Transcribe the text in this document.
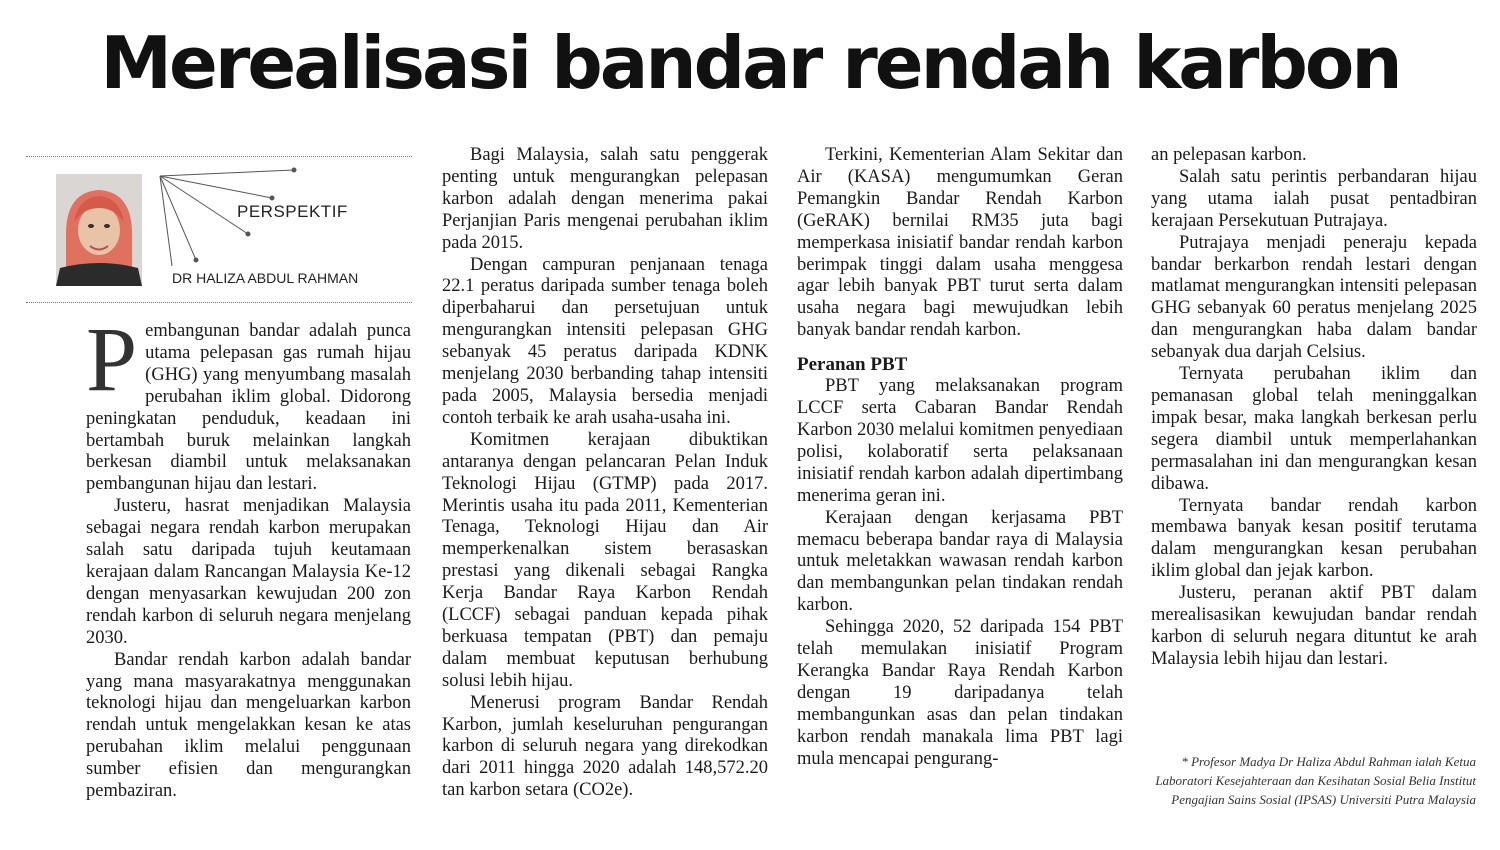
Merealisasi bandar rendah karbon
PERSPEKTIF
DR HALIZA ABDUL RAHMAN

Pembangunan bandar adalah punca utama pelepasan gas rumah hijau (GHG) yang menyumbang masalah perubahan iklim global. Didorong peningkatan penduduk, keadaan ini bertambah buruk melainkan langkah berkesan diambil untuk melaksanakan pembangunan hijau dan lestari.

Justeru, hasrat menjadikan Malaysia sebagai negara rendah karbon merupakan salah satu daripada tujuh keutamaan kerajaan dalam Rancangan Malaysia Ke-12 dengan menyasarkan kewujudan 200 zon rendah karbon di seluruh negara menjelang 2030.

Bandar rendah karbon adalah bandar yang mana masyarakatnya menggunakan teknologi hijau dan mengeluarkan karbon rendah untuk mengelakkan kesan ke atas perubahan iklim melalui penggunaan sumber efisien dan mengurangkan pembaziran.

Bagi Malaysia, salah satu penggerak penting untuk mengurangkan pelepasan karbon adalah dengan menerima pakai Perjanjian Paris mengenai perubahan iklim pada 2015.

Dengan campuran penjanaan tenaga 22.1 peratus daripada sumber tenaga boleh diperbaharui dan persetujuan untuk mengurangkan intensiti pelepasan GHG sebanyak 45 peratus daripada KDNK menjelang 2030 berbanding tahap intensiti pada 2005, Malaysia bersedia menjadi contoh terbaik ke arah usaha-usaha ini.

Komitmen kerajaan dibuktikan antaranya dengan pelancaran Pelan Induk Teknologi Hijau (GTMP) pada 2017. Merintis usaha itu pada 2011, Kementerian Tenaga, Teknologi Hijau dan Air memperkenalkan sistem berasaskan prestasi yang dikenali sebagai Rangka Kerja Bandar Raya Karbon Rendah (LCCF) sebagai panduan kepada pihak berkuasa tempatan (PBT) dan pemaju dalam membuat keputusan berhubung solusi lebih hijau.

Menerusi program Bandar Rendah Karbon, jumlah keseluruhan pengurangan karbon di seluruh negara yang direkodkan dari 2011 hingga 2020 adalah 148,572.20 tan karbon setara (CO2e).

Terkini, Kementerian Alam Sekitar dan Air (KASA) mengumumkan Geran Pemangkin Bandar Rendah Karbon (GeRAK) bernilai RM35 juta bagi memperkasa inisiatif bandar rendah karbon berimpak tinggi dalam usaha menggesa agar lebih banyak PBT turut serta dalam usaha negara bagi mewujudkan lebih banyak bandar rendah karbon.

Peranan PBT

PBT yang melaksanakan program LCCF serta Cabaran Bandar Rendah Karbon 2030 melalui komitmen penyediaan polisi, kolaboratif serta pelaksanaan inisiatif rendah karbon adalah dipertimbang menerima geran ini.

Kerajaan dengan kerjasama PBT memacu beberapa bandar raya di Malaysia untuk meletakkan wawasan rendah karbon dan membangunkan pelan tindakan rendah karbon.

Sehingga 2020, 52 daripada 154 PBT telah memulakan inisiatif Program Kerangka Bandar Raya Rendah Karbon dengan 19 daripadanya telah membangunkan asas dan pelan tindakan karbon rendah manakala lima PBT lagi mula mencapai pengurang-

an pelepasan karbon.

Salah satu perintis perbandaran hijau yang utama ialah pusat pentadbiran kerajaan Persekutuan Putrajaya.

Putrajaya menjadi peneraju kepada bandar berkarbon rendah lestari dengan matlamat mengurangkan intensiti pelepasan GHG sebanyak 60 peratus menjelang 2025 dan mengurangkan haba dalam bandar sebanyak dua darjah Celsius.

Ternyata perubahan iklim dan pemanasan global telah meninggalkan impak besar, maka langkah berkesan perlu segera diambil untuk memperlahankan permasalahan ini dan mengurangkan kesan dibawa.

Ternyata bandar rendah karbon membawa banyak kesan positif terutama dalam mengurangkan kesan perubahan iklim global dan jejak karbon.

Justeru, peranan aktif PBT dalam merealisasikan kewujudan bandar rendah karbon di seluruh negara dituntut ke arah Malaysia lebih hijau dan lestari.

* Profesor Madya Dr Haliza Abdul Rahman ialah Ketua Laboratori Kesejahteraan dan Kesihatan Sosial Belia Institut Pengajian Sains Sosial (IPSAS) Universiti Putra Malaysia
